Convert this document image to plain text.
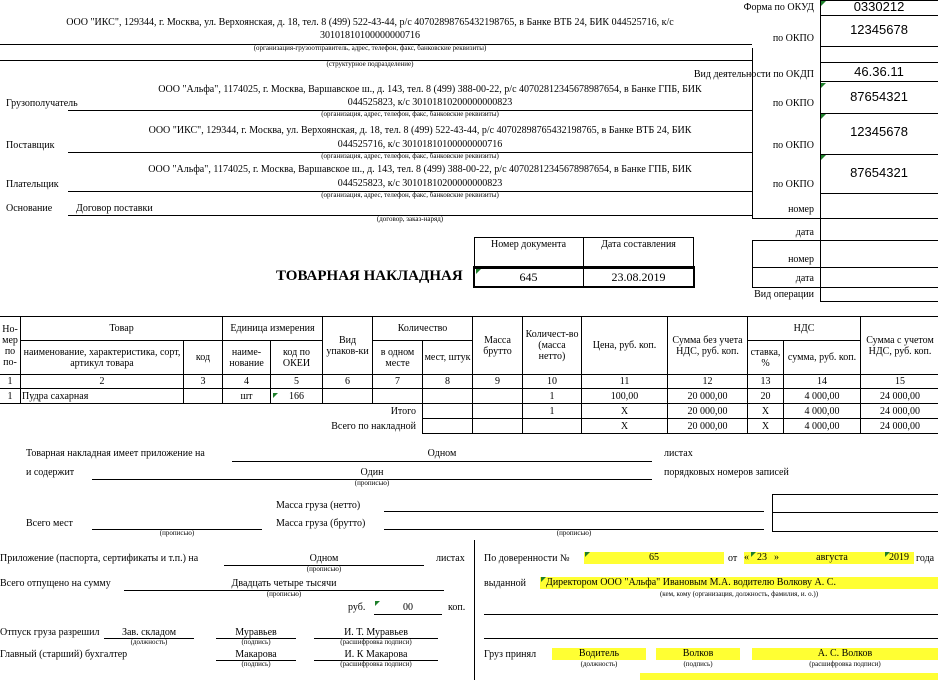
Форма по ОКУД	0330212
ООО "ИКС", 129344, г. Москва, ул. Верхоянская, д. 18, тел. 8 (499) 522-43-44, р/с 40702898765432198765, в Банке ВТБ 24, БИК 044525716, к/с
30101810100000000716
(организация-грузоотправитель, адрес, телефон, факс, банковские реквизиты)
по ОКПО
12345678
(структурное подразделение)
Вид деятельности по ОКДП	46.36.11
Грузополучатель
ООО "Альфа", 1174025, г. Москва, Варшавское ш., д. 143, тел. 8 (499) 388-00-22, р/с 40702812345678987654, в Банке ГПБ, БИК
044525823, к/с 30101810200000000823
(организация, адрес, телефон, факс, банковские реквизиты)
по ОКПО	87654321
Поставщик
ООО "ИКС", 129344, г. Москва, ул. Верхоянская, д. 18, тел. 8 (499) 522-43-44, р/с 40702898765432198765, в Банке ВТБ 24, БИК
044525716, к/с 30101810100000000716
(организация, адрес, телефон, факс, банковские реквизиты)
по ОКПО
12345678
Плательщик
ООО "Альфа", 1174025, г. Москва, Варшавское ш., д. 143, тел. 8 (499) 388-00-22, р/с 40702812345678987654, в Банке ГПБ, БИК
044525823, к/с 30101810200000000823
(организация, адрес, телефон, факс, банковские реквизиты)
по ОКПО
87654321
Основание Договор поставки
(договор, заказ-наряд)
номер
дата
номер
дата
Вид операции
ТОВАРНАЯ НАКЛАДНАЯ
Номер документа	Дата составления
645	23.08.2019
Но-мер по по-	Товар		Единица измерения		Вид упаков-ки	Количество		Масса брутто	Количест-во (масса нетто)	Цена, руб. коп.	Сумма без учета НДС, руб. коп.	НДС		Сумма с учетом НДС, руб. коп.
	наименование, характеристика, сорт, артикул товара	код	наиме-нование	код по ОКЕИ		в одном месте	мест, штук					ставка, %	сумма, руб. коп.	
1	2	3	4	5	6	7	8	9	10	11	12	13	14	15
1	Пудра сахарная		шт	166					1	100,00	20 000,00	20	4 000,00	24 000,00
Итого									1	X	20 000,00	X	4 000,00	24 000,00
Всего по накладной										X	20 000,00	X	4 000,00	24 000,00
Товарная накладная имеет приложение на	Одном	листах
и содержит	Один
(прописью)
порядковых номеров записей
Масса груза (нетто)
Масса груза (брутто)
(прописью)
Всего мест
(прописью)
Приложение (паспорта, сертификаты и т.п.) на	Одном
(прописью)
листах
Всего отпущено на сумму	Двадцать четыре тысячи
(прописью)
руб.	00	коп.
Отпуск груза разрешил	Зав. складом
(должность)
Муравьев
(подпись)
И. Т. Муравьев
(расшифровка подписи)
Главный (старший) бухгалтер	Макарова
(подпись)
И. К Макарова
(расшифровка подписи)
По доверенности №	65	от « 23 »	августа	2019 года
выданной	Директором ООО "Альфа" Ивановым М.А. водителю Волкову А. С.
(кем, кому (организация, должность, фамилия, и. о.))
Груз принял	Водитель
(должность)
Волков
(подпись)
А. С. Волков
(расшифровка подписи)
